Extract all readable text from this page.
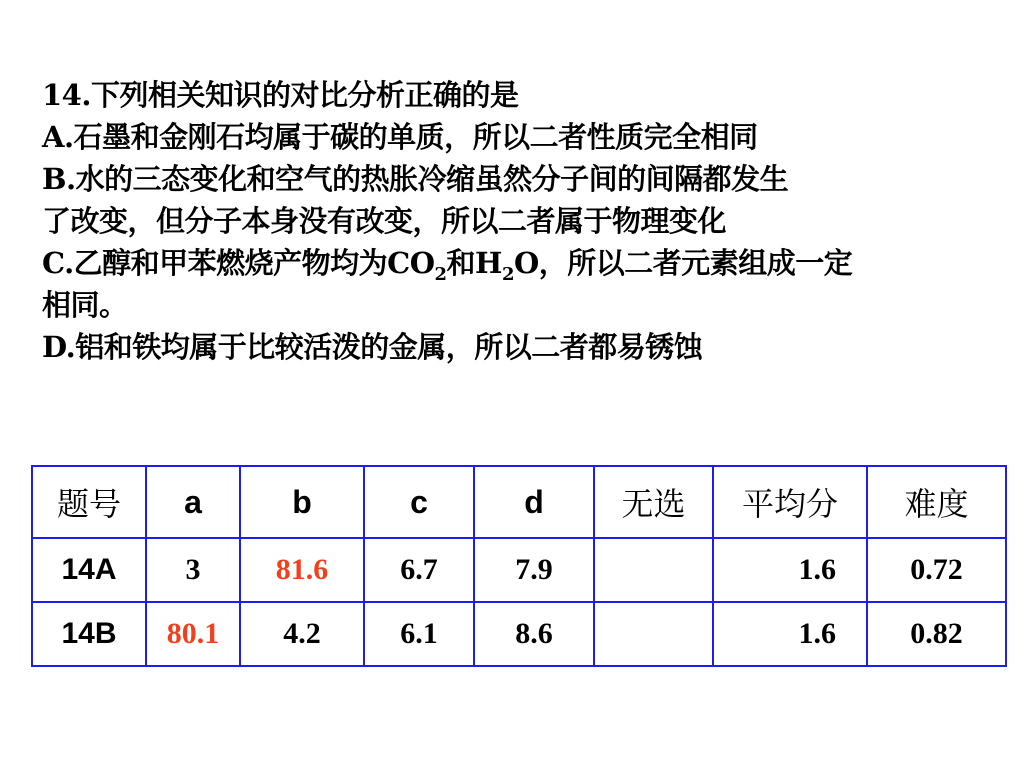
14.下列相关知识的对比分析正确的是
A.石墨和金刚石均属于碳的单质，所以二者性质完全相同
B.水的三态变化和空气的热胀冷缩虽然分子间的间隔都发生
了改变，但分子本身没有改变，所以二者属于物理变化
C.乙醇和甲苯燃烧产物均为$CO_2$和$H_2O$，所以二者元素组成一定
相同。
D.铝和铁均属于比较活泼的金属，所以二者都易锈蚀
题号	a	b	c	d	无选	平均分	难度
14A	3	81.6	6.7	7.9		1.6	0.72
14B	80.1	4.2	6.1	8.6		1.6	0.82
